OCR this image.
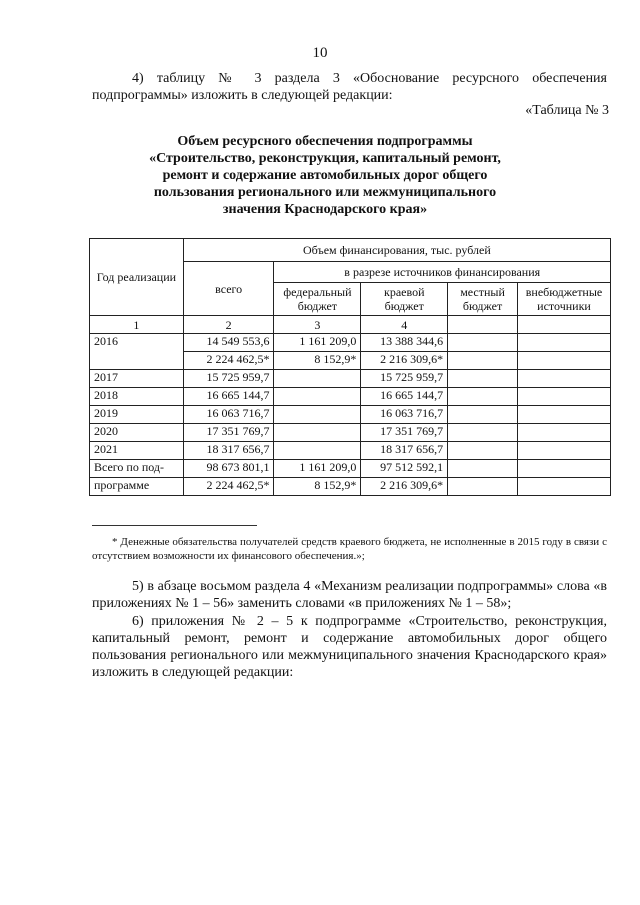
10
4) таблицу № 3 раздела 3 «Обоснование ресурсного обеспечения подпрограммы» изложить в следующей редакции:
«Таблица № 3
Объем ресурсного обеспечения подпрограммы «Строительство, реконструкция, капитальный ремонт, ремонт и содержание автомобильных дорог общего пользования регионального или межмуниципального значения Краснодарского края»
Год реализации	Объем финансирования, тыс. рублей				
	всего	в разрезе источников финансирования			
		федеральный бюджет	краевой бюджет	местный бюджет	внебюджетные источники
1	2	3	4		
2016	14 549 553,6	1 161 209,0	13 388 344,6		
	2 224 462,5*	8 152,9*	2 216 309,6*		
2017	15 725 959,7		15 725 959,7		
2018	16 665 144,7		16 665 144,7		
2019	16 063 716,7		16 063 716,7		
2020	17 351 769,7		17 351 769,7		
2021	18 317 656,7		18 317 656,7		
Всего по под-	98 673 801,1	1 161 209,0	97 512 592,1		
программе	2 224 462,5*	8 152,9*	2 216 309,6*		
* Денежные обязательства получателей средств краевого бюджета, не исполненные в 2015 году в связи с отсутствием возможности их финансового обеспечения.»;
5) в абзаце восьмом раздела 4 «Механизм реализации подпрограммы» слова «в приложениях № 1 – 56» заменить словами «в приложениях № 1 – 58»;
6) приложения № 2 – 5 к подпрограмме «Строительство, реконструкция, капитальный ремонт, ремонт и содержание автомобильных дорог общего пользования регионального или межмуниципального значения Краснодарского края» изложить в следующей редакции:
